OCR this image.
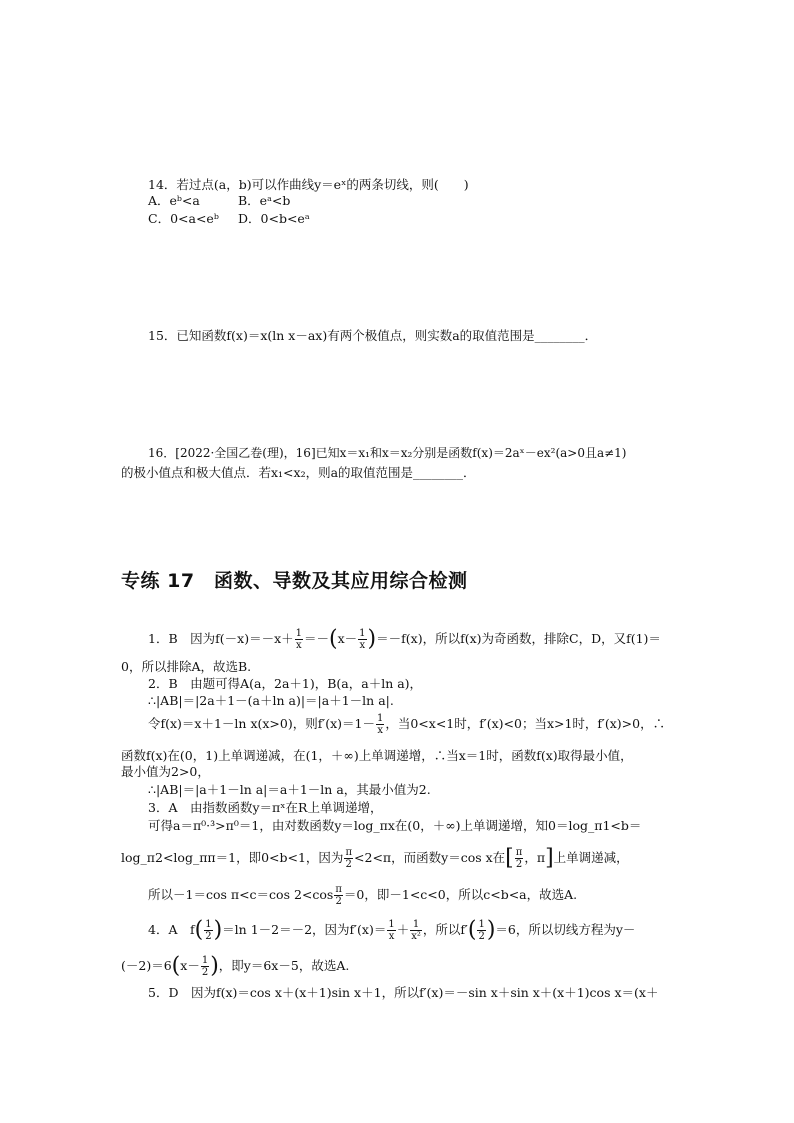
14．若过点(a，b)可以作曲线y＝eˣ的两条切线，则(　　)
A．eᵇ<a	B．eᵃ<b
C．0<a<eᵇ D．0<b<eᵃ
15．已知函数f(x)＝x(ln x－ax)有两个极值点，则实数a的取值范围是________．
16．[2022·全国乙卷(理)，16]已知x＝x₁和x＝x₂分别是函数f(x)＝2aˣ－ex²(a>0且a≠1)
的极小值点和极大值点．若x₁<x₂，则a的取值范围是________．
专练 17　函数、导数及其应用综合检测
1．B　因为$f(-x)=-x+ \frac{1}{x} =-(x- \frac{1}{x} )=-f(x)$，所以f(x)为奇函数，排除C，D，又f(1)＝
0，所以排除A，故选B.
2．B　由题可得A(a，2a＋1)，B(a，a＋ln a)，
∴|AB|＝|2a＋1－(a＋ln a)|＝|a＋1－ln a|.
令f(x)＝x＋1－ln x(x>0)，则$f'(x)=1- \frac{1}{x}$ ，当0<x<1时，f′(x)<0；当x>1时，f′(x)>0，∴
函数f(x)在(0，1)上单调递减，在(1，＋∞)上单调递增，∴当x＝1时，函数f(x)取得最小值，
最小值为2>0，
∴|AB|＝|a＋1－ln a|＝a＋1－ln a，其最小值为2.
3．A　由指数函数y＝πˣ在R上单调递增，
可得a＝π⁰·³>π⁰＝1，由对数函数y＝log_πx在(0，＋∞)上单调递增，知0＝log_π1<b＝
log_π2<log_ππ＝1，即0<b<1，因为 $\frac{\pi}{2} <2<\pi$，而函数y＝cos x在[ $\frac{\pi}{2}$ ，π]上单调递减，
所以－1＝cos π<c＝cos $2<\cos \frac{\pi}{2} =0$，即－1<c<0，所以c<b<a，故选A.
4．A　$f( \frac{1}{2} )=\ln$ 1－2＝－2，因为$f'(x)= \frac{1}{x} + \frac{1}{\text{x²}}$ ，所以$f'( \frac{1}{2} )=6$，所以切线方程为y－
$(-2)=6(x- \frac{1}{2}$ )，即y＝6x－5，故选A.
5．D　因为f(x)＝cos x＋(x＋1)sin x＋1，所以f′(x)＝－sin x＋sin x＋(x＋1)cos x＝(x＋
